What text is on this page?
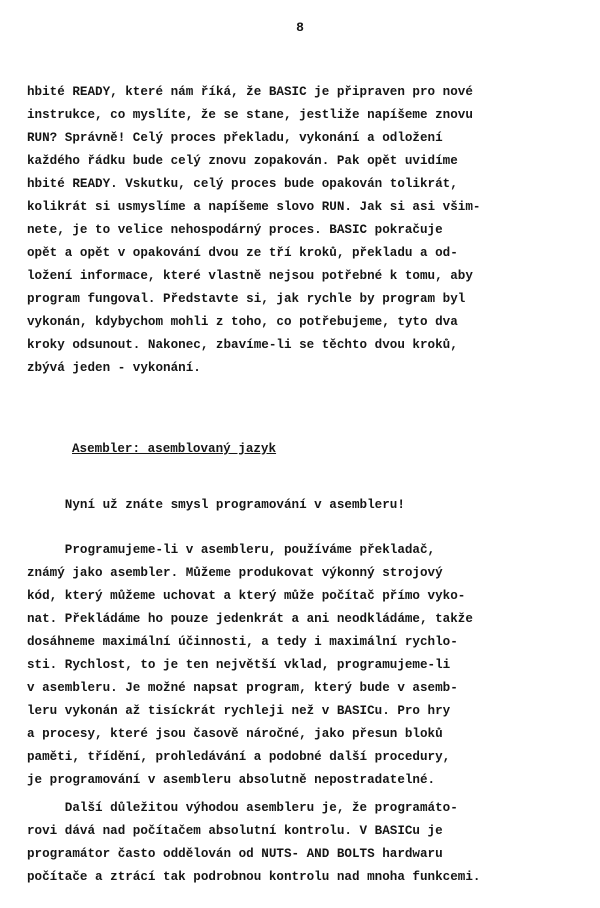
8
hbité READY, které nám říká, že BASIC je připraven pro nové
instrukce, co myslíte, že se stane, jestliže napíšeme znovu
RUN? Správně! Celý proces překladu, vykonání a odložení
každého řádku bude celý znovu zopakován. Pak opět uvidíme
hbité READY. Vskutku, celý proces bude opakován tolikrát,
kolikrát si usmyslíme a napíšeme slovo RUN. Jak si asi všim-
nete, je to velice nehospodárný proces. BASIC pokračuje
opět a opět v opakování dvou ze tří kroků, překladu a od-
ložení informace, které vlastně nejsou potřebné k tomu, aby
program fungoval. Představte si, jak rychle by program byl
vykonán, kdybychom mohli z toho, co potřebujeme, tyto dva
kroky odsunout. Nakonec, zbavíme-li se těchto dvou kroků,
zbývá jeden - vykonání.
Asembler: asemblovaný jazyk
Nyní už znáte smysl programování v asembleru!
Programujeme-li v asembleru, používáme překladač,
známý jako asembler. Můžeme produkovat výkonný strojový
kód, který můžeme uchovat a který může počítač přímo vyko-
nat. Překládáme ho pouze jedenkrát a ani neodkládáme, takže
dosáhneme maximální účinnosti, a tedy i maximální rychlo-
sti. Rychlost, to je ten největší vklad, programujeme-li
v asembleru. Je možné napsat program, který bude v asemb-
leru vykonán až tisíckrát rychleji než v BASICu. Pro hry
a procesy, které jsou časově náročné, jako přesun bloků
paměti, třídění, prohledávání a podobné další procedury,
je programování v asembleru absolutně nepostradatelné.
Další důležitou výhodou asembleru je, že programáto-
rovi dává nad počítačem absolutní kontrolu. V BASICu je
programátor často oddělován od NUTS- AND BOLTS hardwaru
počítače a ztrácí tak podrobnou kontrolu nad mnoha funkcemi.
